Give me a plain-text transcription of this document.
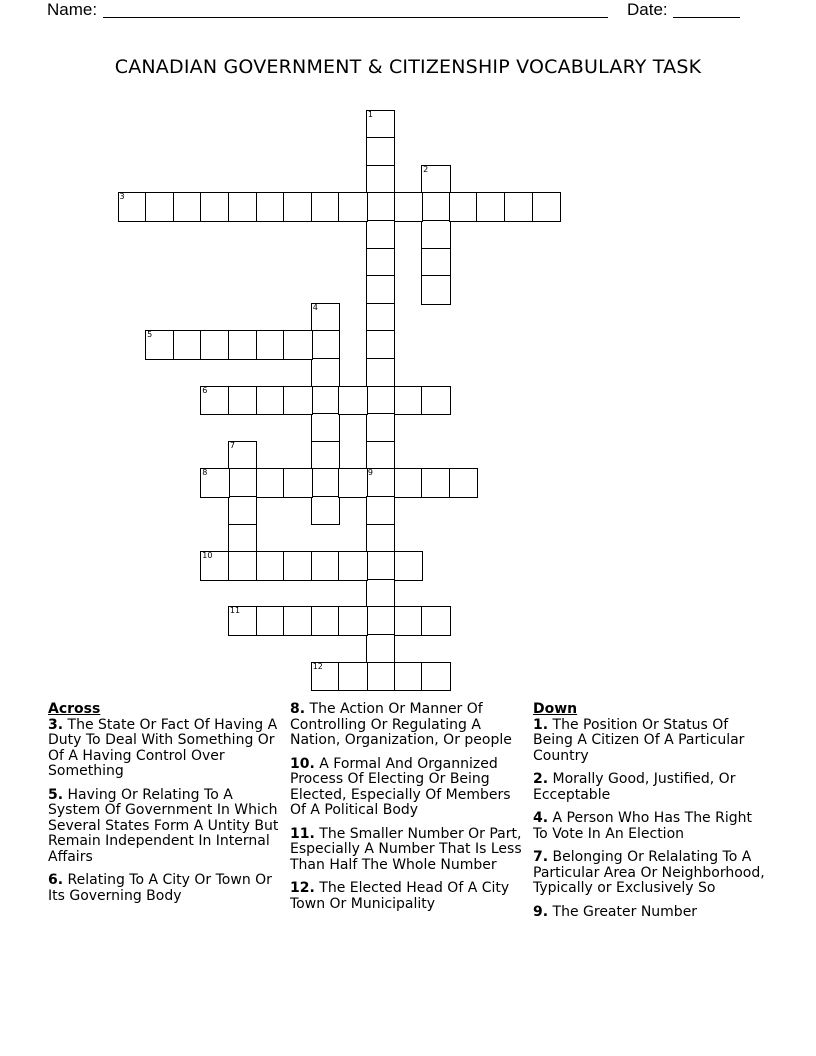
Name:	Date:
CANADIAN GOVERNMENT & CITIZENSHIP VOCABULARY TASK
1
9
2
3
4
5
6
7
8
10
11
12
Across
3. The State Or Fact Of Having A Duty To Deal With Something Or Of A Having Control Over Something
5. Having Or Relating To A System Of Government In Which Several States Form A Untity But Remain Independent In Internal Affairs
6. Relating To A City Or Town Or Its Governing Body
8. The Action Or Manner Of Controlling Or Regulating A Nation, Organization, Or people
10. A Formal And Organnized Process Of Electing Or Being Elected, Especially Of Members Of A Political Body
11. The Smaller Number Or Part, Especially A Number That Is Less Than Half The Whole Number
12. The Elected Head Of A City Town Or Municipality
Down
1. The Position Or Status Of Being A Citizen Of A Particular Country
2. Morally Good, Justified, Or Ecceptable
4. A Person Who Has The Right To Vote In An Election
7. Belonging Or Relalating To A Particular Area Or Neighborhood, Typically or Exclusively So
9. The Greater Number
